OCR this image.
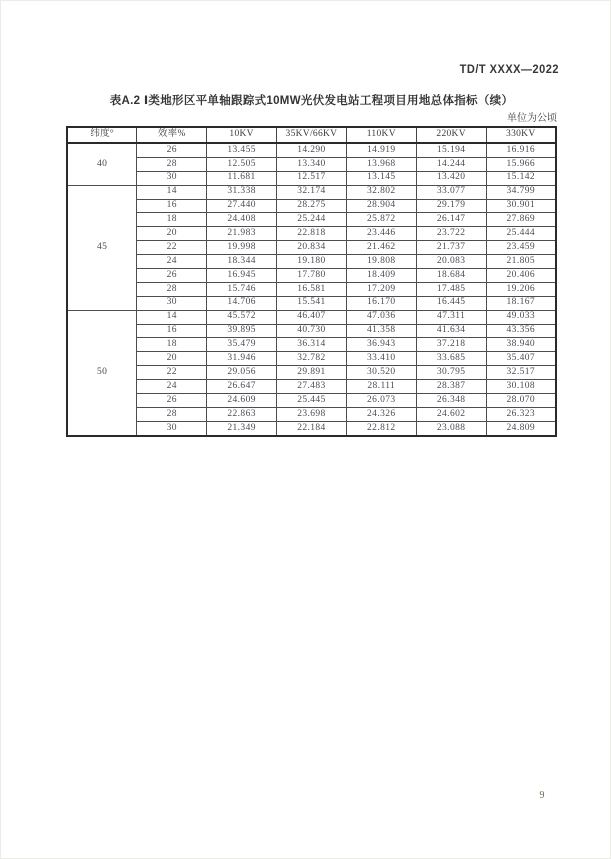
TD/T XXXX—2022
表A.2 Ⅰ类地形区平单轴跟踪式10MW光伏发电站工程项目用地总体指标（续）
单位为公顷
纬度°	效率%	10KV	35KV/66KV	110KV	220KV	330KV
40	26	13.455	14.290	14.919	15.194	16.916
	28	12.505	13.340	13.968	14.244	15.966
	30	11.681	12.517	13.145	13.420	15.142
45	14	31.338	32.174	32.802	33.077	34.799
	16	27.440	28.275	28.904	29.179	30.901
	18	24.408	25.244	25.872	26.147	27.869
	20	21.983	22.818	23.446	23.722	25.444
	22	19.998	20.834	21.462	21.737	23.459
	24	18.344	19.180	19.808	20.083	21.805
	26	16.945	17.780	18.409	18.684	20.406
	28	15.746	16.581	17.209	17.485	19.206
	30	14.706	15.541	16.170	16.445	18.167
50	14	45.572	46.407	47.036	47.311	49.033
	16	39.895	40.730	41.358	41.634	43.356
	18	35.479	36.314	36.943	37.218	38.940
	20	31.946	32.782	33.410	33.685	35.407
	22	29.056	29.891	30.520	30.795	32.517
	24	26.647	27.483	28.111	28.387	30.108
	26	24.609	25.445	26.073	26.348	28.070
	28	22.863	23.698	24.326	24.602	26.323
	30	21.349	22.184	22.812	23.088	24.809
9
